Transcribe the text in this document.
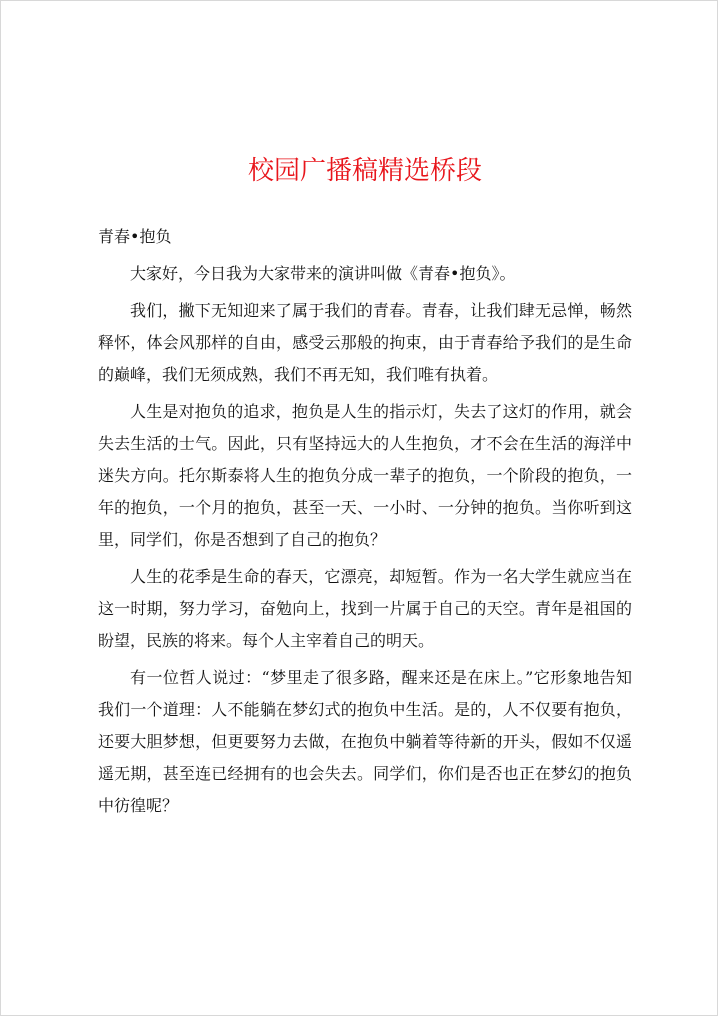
校园广播稿精选桥段

青春•抱负

大家好，今日我为大家带来的演讲叫做《青春•抱负》。

我们，撇下无知迎来了属于我们的青春。青春，让我们肆无忌惮，畅然释怀，体会风那样的自由，感受云那般的拘束，由于青春给予我们的是生命的巅峰，我们无须成熟，我们不再无知，我们唯有执着。

人生是对抱负的追求，抱负是人生的指示灯，失去了这灯的作用，就会失去生活的士气。因此，只有坚持远大的人生抱负，才不会在生活的海洋中迷失方向。托尔斯泰将人生的抱负分成一辈子的抱负，一个阶段的抱负，一年的抱负，一个月的抱负，甚至一天、一小时、一分钟的抱负。当你听到这里，同学们，你是否想到了自己的抱负？

人生的花季是生命的春天，它漂亮，却短暂。作为一名大学生就应当在这一时期，努力学习，奋勉向上，找到一片属于自己的天空。青年是祖国的盼望，民族的将来。每个人主宰着自己的明天。

有一位哲人说过：“梦里走了很多路，醒来还是在床上。”它形象地告知我们一个道理：人不能躺在梦幻式的抱负中生活。是的，人不仅要有抱负，还要大胆梦想，但更要努力去做，在抱负中躺着等待新的开头，假如不仅遥遥无期，甚至连已经拥有的也会失去。同学们，你们是否也正在梦幻的抱负中彷徨呢？
